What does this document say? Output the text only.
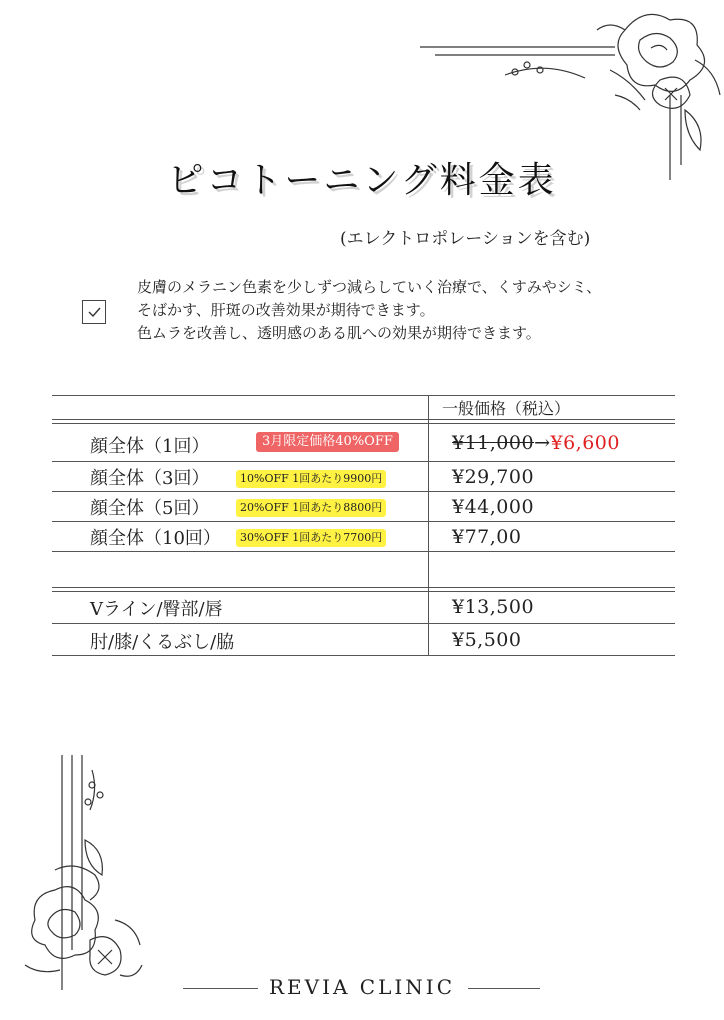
ピコトーニング料金表
(エレクトロポレーションを含む)
皮膚のメラニン色素を少しずつ減らしていく治療で、くすみやシミ、
そばかす、肝斑の改善効果が期待できます。
色ムラを改善し、透明感のある肌への効果が期待できます。
一般価格（税込）
顔全体（1回）	3月限定価格40%OFF	¥11,000→¥6,600
顔全体（3回）	10%OFF 1回あたり9900円	¥29,700
顔全体（5回）	20%OFF 1回あたり8800円	¥44,000
顔全体（10回）	30%OFF 1回あたり7700円	¥77,00
Vライン/臀部/唇	¥13,500
肘/膝/くるぶし/脇	¥5,500
REVIA CLINIC
